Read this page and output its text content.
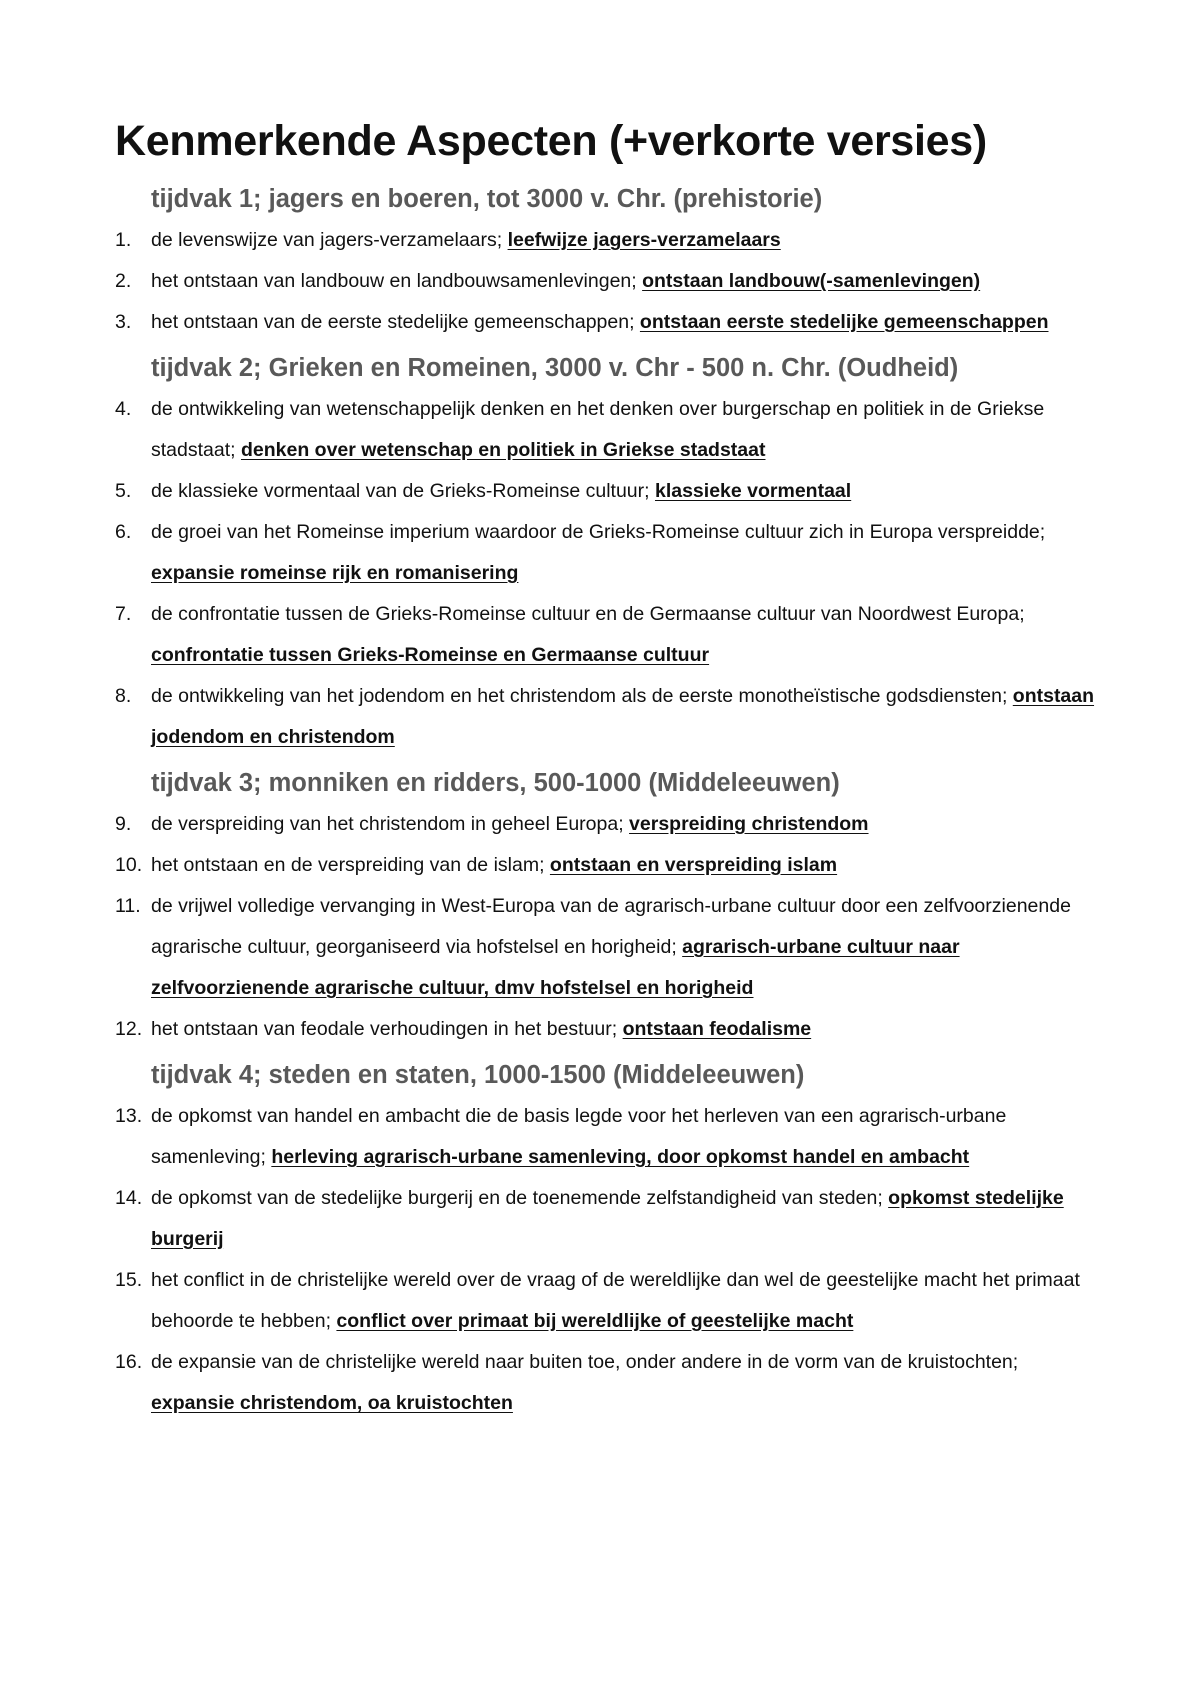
Kenmerkende Aspecten (+verkorte versies)
tijdvak 1; jagers en boeren, tot 3000 v. Chr. (prehistorie)
1.	de levenswijze van jagers-verzamelaars; leefwijze jagers-verzamelaars
2.	het ontstaan van landbouw en landbouwsamenlevingen; ontstaan landbouw(-samenlevingen)
3.	het ontstaan van de eerste stedelijke gemeenschappen; ontstaan eerste stedelijke gemeenschappen
tijdvak 2; Grieken en Romeinen, 3000 v. Chr - 500 n. Chr. (Oudheid)
4.	de ontwikkeling van wetenschappelijk denken en het denken over burgerschap en politiek in de Griekse stadstaat; denken over wetenschap en politiek in Griekse stadstaat
5.	de klassieke vormentaal van de Grieks-Romeinse cultuur; klassieke vormentaal
6.	de groei van het Romeinse imperium waardoor de Grieks-Romeinse cultuur zich in Europa verspreidde; expansie romeinse rijk en romanisering
7.	de confrontatie tussen de Grieks-Romeinse cultuur en de Germaanse cultuur van Noordwest Europa; confrontatie tussen Grieks-Romeinse en Germaanse cultuur
8.	de ontwikkeling van het jodendom en het christendom als de eerste monotheïstische godsdiensten; ontstaan jodendom en christendom
tijdvak 3; monniken en ridders, 500-1000 (Middeleeuwen)
9.	de verspreiding van het christendom in geheel Europa; verspreiding christendom
10. het ontstaan en de verspreiding van de islam; ontstaan en verspreiding islam
11. de vrijwel volledige vervanging in West-Europa van de agrarisch-urbane cultuur door een zelfvoorzienende agrarische cultuur, georganiseerd via hofstelsel en horigheid; agrarisch-urbane cultuur naar zelfvoorzienende agrarische cultuur, dmv hofstelsel en horigheid
12. het ontstaan van feodale verhoudingen in het bestuur; ontstaan feodalisme
tijdvak 4; steden en staten, 1000-1500 (Middeleeuwen)
13. de opkomst van handel en ambacht die de basis legde voor het herleven van een agrarisch-urbane samenleving; herleving agrarisch-urbane samenleving, door opkomst handel en ambacht
14. de opkomst van de stedelijke burgerij en de toenemende zelfstandigheid van steden; opkomst stedelijke burgerij
15. het conflict in de christelijke wereld over de vraag of de wereldlijke dan wel de geestelijke macht het primaat behoorde te hebben; conflict over primaat bij wereldlijke of geestelijke macht
16. de expansie van de christelijke wereld naar buiten toe, onder andere in de vorm van de kruistochten; expansie christendom, oa kruistochten
